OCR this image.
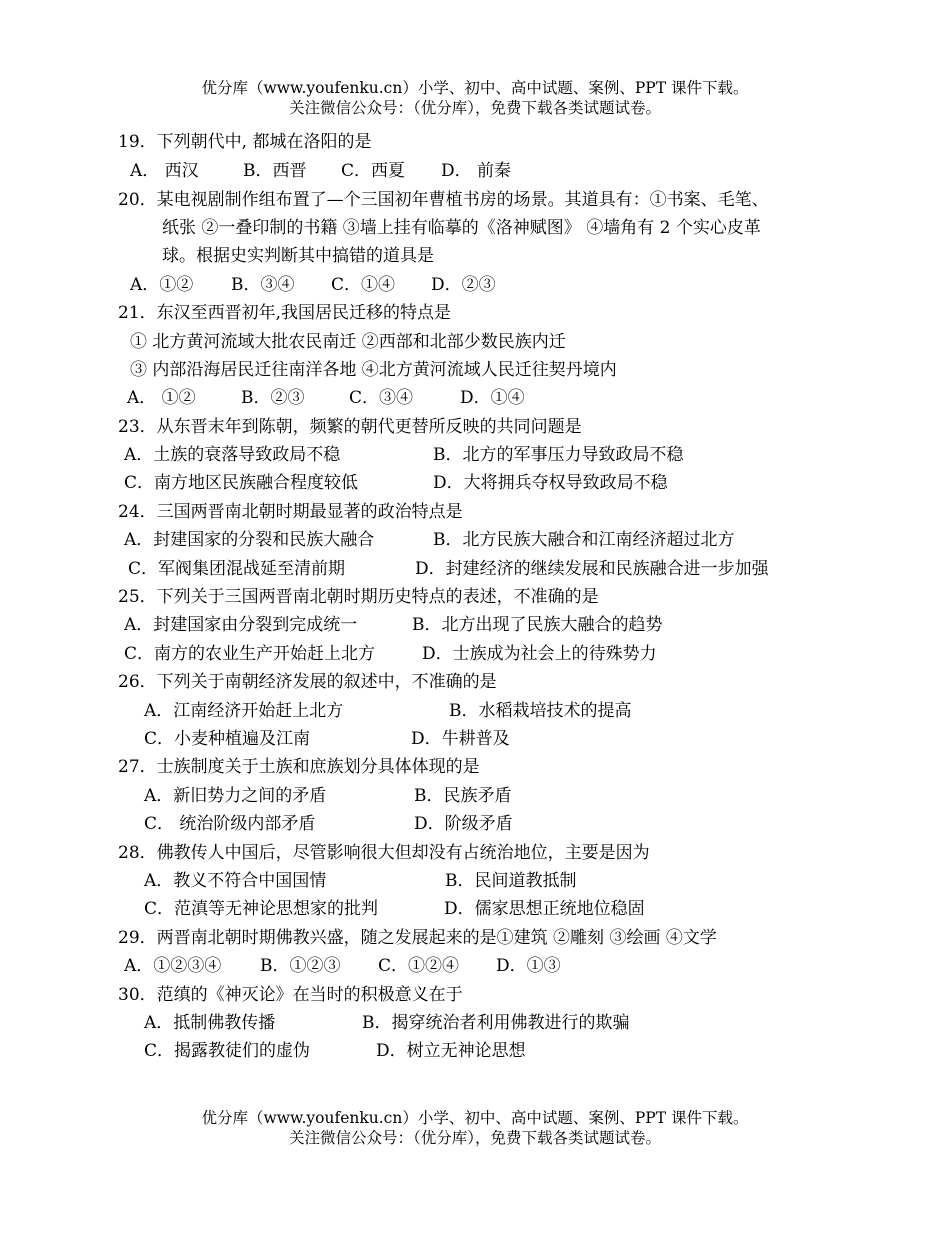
优分库（www.youfenku.cn）小学、初中、高中试题、案例、PPT 课件下载。
关注微信公众号：（优分库），免费下载各类试题试卷。
19．下列朝代中, 都城在洛阳的是
A． 西汉	B．西晋 C．西夏 D． 前秦
20．某电视剧制作组布置了—个三国初年曹植书房的场景。其道具有：①书案、毛笔、
纸张 ②一叠印制的书籍 ③墙上挂有临摹的《洛神赋图》 ④墙角有 2 个实心皮革
球。根据史实判断其中搞错的道具是
A．①② B．③④ C．①④ D．②③
21．东汉至西晋初年,我国居民迁移的特点是
① 北方黄河流域大批农民南迁 ②西部和北部少数民族内迁
③ 内部沿海居民迁往南洋各地 ④北方黄河流域人民迁往契丹境内
A． ①②	B．②③	C．③④	D．①④
23．从东晋末年到陈朝，频繁的朝代更替所反映的共同问题是
A．土族的衰落导致政局不稳	B．北方的军事压力导致政局不稳
C．南方地区民族融合程度较低	D．大将拥兵夺权导致政局不稳
24．三国两晋南北朝时期最显著的政治特点是
A．封建国家的分裂和民族大融合	B．北方民族大融合和江南经济超过北方
C．军阀集团混战延至清前期	D．封建经济的继续发展和民族融合进一步加强
25．下列关于三国两晋南北朝时期历史特点的表述，不准确的是
A．封建国家由分裂到完成统一	B．北方出现了民族大融合的趋势
C．南方的农业生产开始赶上北方	D．士族成为社会上的待殊势力
26．下列关于南朝经济发展的叙述中，不准确的是
A．江南经济开始赶上北方	B．水稻栽培技术的提高
C．小麦种植遍及江南	D．牛耕普及
27．士族制度关于土族和庶族划分具体体现的是
A．新旧势力之间的矛盾	B．民族矛盾
C． 统治阶级内部矛盾	D．阶级矛盾
28．佛教传人中国后，尽管影响很大但却没有占统治地位，主要是因为
A．教义不符合中国国情	B．民间道教抵制
C．范滇等无神论思想家的批判	D．儒家思想正统地位稳固
29．两晋南北朝时期佛教兴盛，随之发展起来的是①建筑 ②雕刻 ③绘画 ④文学
A．①②③④ B．①②③ C．①②④ D．①③
30．范缜的《神灭论》在当时的积极意义在于
A．抵制佛教传播	B．揭穿统治者利用佛教进行的欺骗
C．揭露教徒们的虚伪	D．树立无神论思想
优分库（www.youfenku.cn）小学、初中、高中试题、案例、PPT 课件下载。
关注微信公众号：（优分库），免费下载各类试题试卷。
